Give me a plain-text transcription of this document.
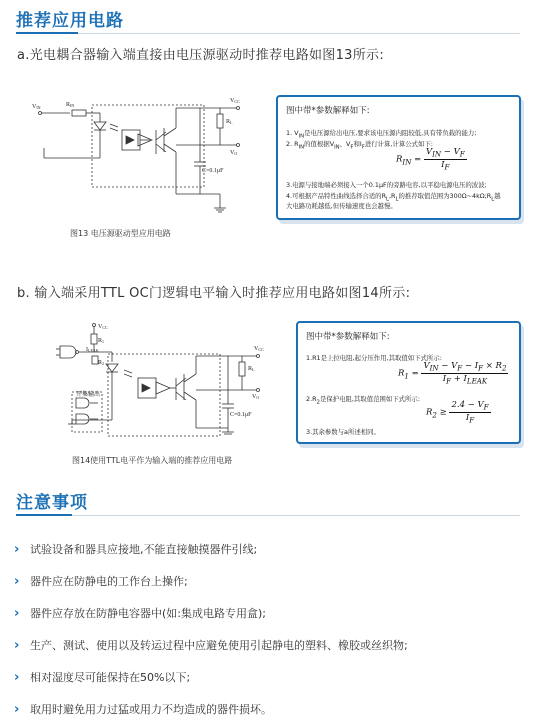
推荐应用电路
a.光电耦合器输入端直接由电压源驱动时推荐电路如图13所示:
VIN	RIN
VCC
RL
VO
C=0.1μF
图13 电压源驱动型应用电路
图中带*参数解释如下:
1. $V_{IN}$是电压源给出电压,要求该电压源内阻较低,具有带负载的能力;
2. $R_{IN}$的值根据$V_{IN}$、$V_F$和$I_F$进行计算,计算公式如下:
$R_{IN} = \frac{V_{IN} - V_F}{I_F}$
3.电源与接地端必须接入一个0.1μF的旁路电容,以平稳电源电压的波波;
4.可根据产品特性曲线选择合适的$R_L,R_L$的推荐取值范围为$300\Omega\sim 4k\Omega;R_L$越
大电路功耗越低,但传输速度也会越慢。
b. 输入端采用TTL OC门逻辑电平输入时推荐应用电路如图14所示:
VCC
R1
R2
ILEAK
开集输出
VCC
RL
VO
C=0.1μF
图14使用TTL电平作为输入端的推荐应用电路
图中带*参数解释如下:
1.R1是上拉电阻,起分压作用,其取值如下式所示:
$R_1 = \frac{V_{IN} - V_F - I_F \times R_2}{I_F + I_{LEAK}}$
$2.R_2$是保护电阻,其取值范围如下式所示:
$R_2 \ge \frac{2.4 - V_F}{I_F}$
3.其余参数与a所述相同。
注意事项
› 试验设备和器具应接地,不能直接触摸器件引线;
› 器件应在防静电的工作台上操作;
› 器件应存放在防静电容器中(如:集成电路专用盒);
› 生产、测试、使用以及转运过程中应避免使用引起静电的塑料、橡胶或丝织物;
› 相对湿度尽可能保持在50%以下;
› 取用时避免用力过猛或用力不均造成的器件损坏。
